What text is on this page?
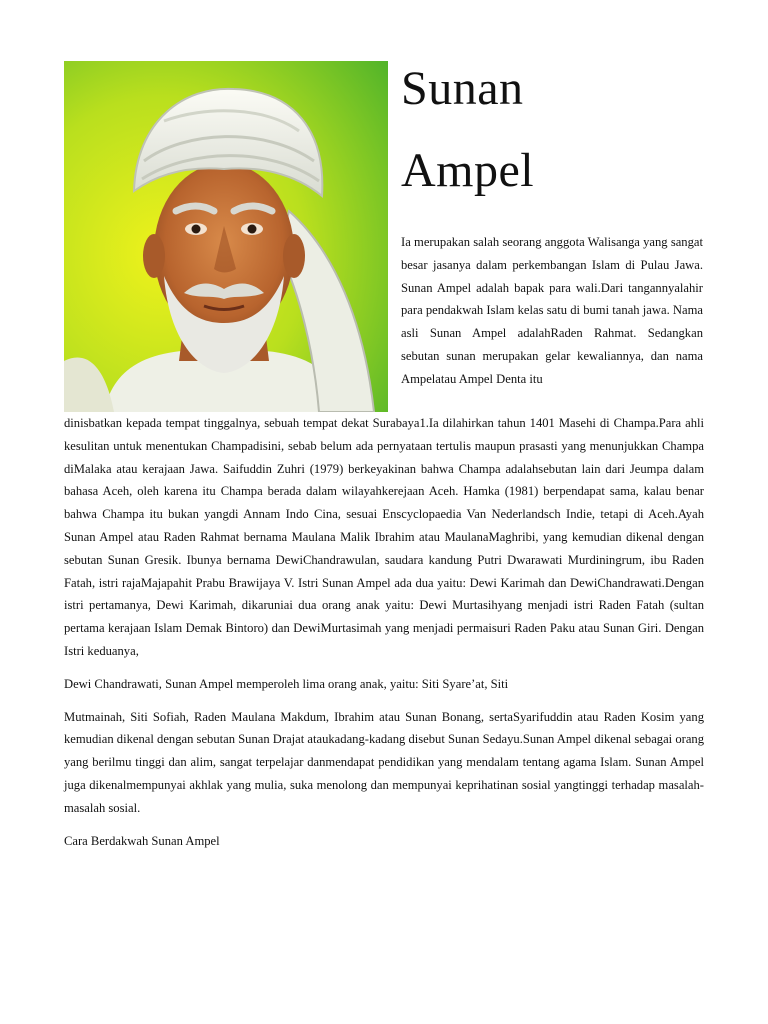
Sunan
Ampel

Ia merupakan salah seorang anggota Walisanga yang sangat besar jasanya dalam perkembangan Islam di Pulau Jawa. Sunan Ampel adalah bapak para wali.Dari tangannyalahir para pendakwah Islam kelas satu di bumi tanah jawa. Nama asli Sunan Ampel adalahRaden Rahmat. Sedangkan sebutan sunan merupakan gelar kewaliannya, dan nama Ampelatau Ampel Denta itu

dinisbatkan kepada tempat tinggalnya, sebuah tempat dekat Surabaya1.Ia dilahirkan tahun 1401 Masehi di Champa.Para ahli kesulitan untuk menentukan Champadisini, sebab belum ada pernyataan tertulis maupun prasasti yang menunjukkan Champa diMalaka atau kerajaan Jawa. Saifuddin Zuhri (1979) berkeyakinan bahwa Champa adalahsebutan lain dari Jeumpa dalam bahasa Aceh, oleh karena itu Champa berada dalam wilayahkerejaan Aceh. Hamka (1981) berpendapat sama, kalau benar bahwa Champa itu bukan yangdi Annam Indo Cina, sesuai Enscyclopaedia Van Nederlandsch Indie, tetapi di Aceh.Ayah Sunan Ampel atau Raden Rahmat bernama Maulana Malik Ibrahim atau MaulanaMaghribi, yang kemudian dikenal dengan sebutan Sunan Gresik. Ibunya bernama DewiChandrawulan, saudara kandung Putri Dwarawati Murdiningrum, ibu Raden Fatah, istri rajaMajapahit Prabu Brawijaya V. Istri Sunan Ampel ada dua yaitu: Dewi Karimah dan DewiChandrawati.Dengan istri pertamanya, Dewi Karimah, dikaruniai dua orang anak yaitu: Dewi Murtasihyang menjadi istri Raden Fatah (sultan pertama kerajaan Islam Demak Bintoro) dan DewiMurtasimah yang menjadi permaisuri Raden Paku atau Sunan Giri. Dengan Istri keduanya,

Dewi Chandrawati, Sunan Ampel memperoleh lima orang anak, yaitu: Siti Syare’at, Siti

Mutmainah, Siti Sofiah, Raden Maulana Makdum, Ibrahim atau Sunan Bonang, sertaSyarifuddin atau Raden Kosim yang kemudian dikenal dengan sebutan Sunan Drajat ataukadang-kadang disebut Sunan Sedayu.Sunan Ampel dikenal sebagai orang yang berilmu tinggi dan alim, sangat terpelajar danmendapat pendidikan yang mendalam tentang agama Islam. Sunan Ampel juga dikenalmempunyai akhlak yang mulia, suka menolong dan mempunyai keprihatinan sosial yangtinggi terhadap masalah-masalah sosial.

Cara Berdakwah Sunan Ampel
